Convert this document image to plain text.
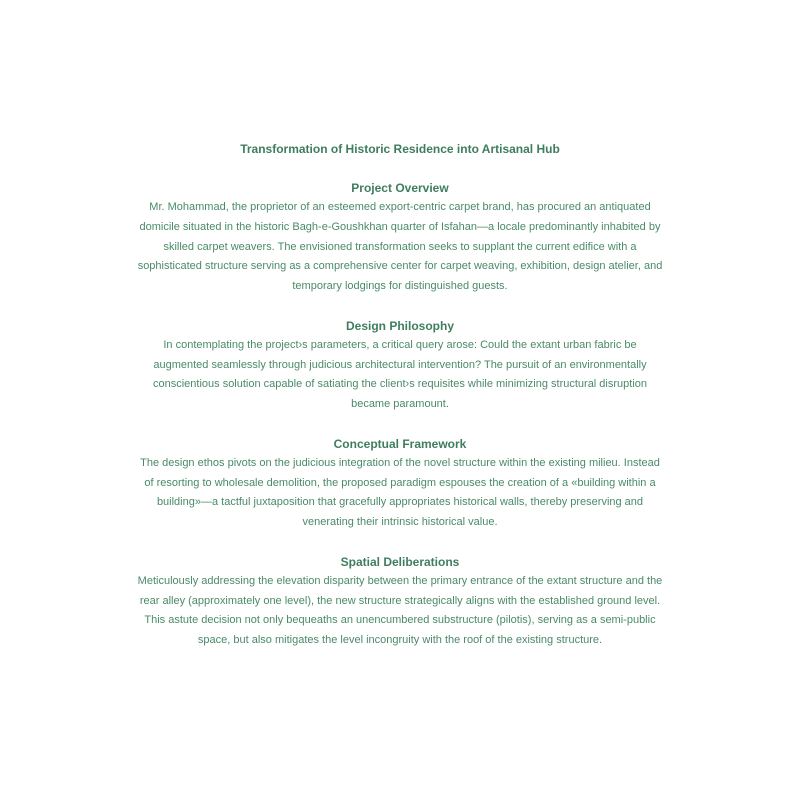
Transformation of Historic Residence into Artisanal Hub
Project Overview

Mr. Mohammad, the proprietor of an esteemed export-centric carpet brand, has procured an antiquated domicile situated in the historic Bagh-e-Goushkhan quarter of Isfahan—a locale predominantly inhabited by skilled carpet weavers. The envisioned transformation seeks to supplant the current edifice with a sophisticated structure serving as a comprehensive center for carpet weaving, exhibition, design atelier, and temporary lodgings for distinguished guests.

Design Philosophy

In contemplating the project›s parameters, a critical query arose: Could the extant urban fabric be augmented seamlessly through judicious architectural intervention? The pursuit of an environmentally conscientious solution capable of satiating the client›s requisites while minimizing structural disruption became paramount.

Conceptual Framework

The design ethos pivots on the judicious integration of the novel structure within the existing milieu. Instead of resorting to wholesale demolition, the proposed paradigm espouses the creation of a «building within a building»—a tactful juxtaposition that gracefully appropriates historical walls, thereby preserving and venerating their intrinsic historical value.

Spatial Deliberations

Meticulously addressing the elevation disparity between the primary entrance of the extant structure and the rear alley (approximately one level), the new structure strategically aligns with the established ground level. This astute decision not only bequeaths an unencumbered substructure (pilotis), serving as a semi-public space, but also mitigates the level incongruity with the roof of the existing structure.
